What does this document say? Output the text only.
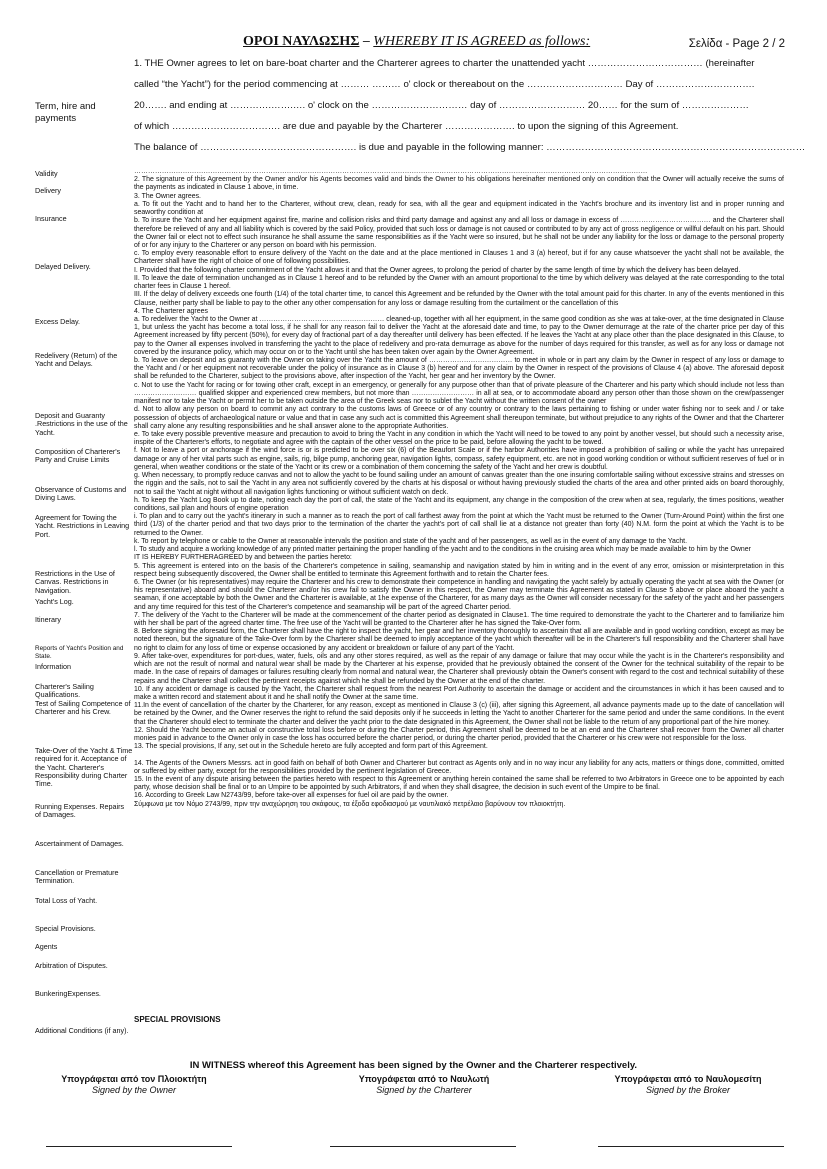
ΟΡΟΙ ΝΑΥΛΩΣΗΣ – WHEREBY IT IS AGREED as follows:	Σελίδα - Page 2 / 2
1. THE Owner agrees to let on bare-boat charter and the Charterer agrees to charter the unattended yacht ……………………………… (hereinafter
called “the Yacht”) for the period commencing at ……… ……… o' clock or thereabout on the ………………………… Day of ………………………….
20……. and ending at ………….…….…. o' clock on the ………………………… day of ……………………… 20…… for the sum of …………………
of which ……………………………. are due and payable by the Charterer …………………. to upon the signing of this Agreement.
The balance of …………………………………………. is due and payable in the following manner: ………………………………………………………………………
Term, hire and payments
Validity
Delivery
Insurance
Delayed Delivery.
Excess Delay.
Redelivery (Return) of the Yacht and Delays.
Deposit and Guaranty .Restrictions in the use of the Yacht.
Composition of Charterer's Party and Cruise Limits
Observance of Customs and Diving Laws.
Agreement for Towing the Yacht. Restrictions in Leaving Port.
Restrictions in the Use of Canvas. Restrictions in Navigation.
Yacht's Log.
Itinerary
Reports of Yacht's Position and State.
Information
Charterer's Sailing Qualifications.
Test of Sailing Competence of Charterer and his Crew.
Take-Over of the Yacht & Time required for it. Acceptance of the Yacht. Charterer's Responsibility during Charter Time.
Running Expenses. Repairs of Damages.
Ascertainment of Damages.
Cancellation or Premature Termination.
Total Loss of Yacht.
Special Provisions.
Agents
Arbitration of Disputes.
BunkeringExpenses.
Additional Conditions (if any).

……………………………………………………………………………………………………………………………………………………………………………………………………

2. The signature of this Agreement by the Owner and/or his Agents becomes valid and binds the Owner to his obligations hereinafter mentioned only on condition that the Owner will actually receive the sums of the payments as indicated in Clause 1 above, in time.

3. The Owner agrees.

a. To fit out the Yacht and to hand her to the Charterer, without crew, clean, ready for sea, with all the gear and equipment indicated in the Yacht's brochure and its inventory list and in proper running and seaworthy condition at

b. To insure the Yacht and her equipment against fire, marine and collision risks and third party damage and against any and all loss or damage in excess of ………………………………… and the Charterer shall therefore be relieved of any and all liability which is covered by the said Policy, provided that such loss or damage is not caused or contributed to by any act of gross negligence or willful default on his part. Should the Owner fail or elect not to effect such insurance he shall assume the same responsibilities as if the Yacht were so insured, but he shall not be under any liability for the loss or damage to the personal property of or for any injury to the Charterer or any person on board with his permission.

c. To employ every reasonable effort to ensure delivery of the Yacht on the date and at the place mentioned in Clauses 1 and 3 (a) hereof, but if for any cause whatsoever the yacht shall not be available, the Charterer shall have the right of choice of one of following possibilities.

I. Provided that the following charter commitment of the Yacht allows it and that the Owner agrees, to prolong the period of charter by the same length of time by which the delivery has been delayed.

II. To leave the date of termination unchanged as in Clause 1 hereof and to be refunded by the Owner with an amount proportional to the time by which delivery was delayed at the rate corresponding to the total charter fees in Clause 1 hereof.

III. If the delay of delivery exceeds one fourth (1/4) of the total charter time, to cancel this Agreement and be refunded by the Owner with the total amount paid for this charter. In any of the events mentioned in this Clause, neither party shall be liable to pay to the other any other compensation for any loss or damage resulting from the curtailment or the cancellation of this

4. The Charterer agrees

a. To redeliver the Yacht to the Owner at ……………………………………………… cleaned-up, together with all her equipment, in the same good condition as she was at take-over, at the time designated in Clause 1, but unless the yacht has become a total loss, if he shall for any reason fail to deliver the Yacht at the aforesaid date and time, to pay to the Owner demurrage at the rate of the charter price per day of this Agreement increased by fifty percent (50%), for every day of fractional part of a day thereafter until delivery has been effected. If he leaves the Yacht at any place other than the place designated in this Clause, to pay to the Owner all expenses involved in transferring the yacht to the place of redelivery and pro-rata demurrage as above for the number of days required for this transfer, as well as for any loss or damage not covered by the insurance policy, which may occur on or to the Yacht until she has been taken over again by the Owner Agreement.

b. To leave on deposit and as guaranty with the Owner on taking over the Yacht the amount of ……………………………… to meet in whole or in part any claim by the Owner in respect of any loss or damage to the Yacht and / or her equipment not recoverable under the policy of insurance as in Clause 3 (b) hereof and for any claim by the Owner in respect of the provisions of Clause 4 (a) above. The aforesaid deposit shall be refunded to the Charterer, subject to the provisions above, after inspection of the Yacht, her gear and her inventory by the Owner.

c. Not to use the Yacht for racing or for towing other craft, except in an emergency, or generally for any purpose other than that of private pleasure of the Charterer and his party which should include not less than ……………………… qualified skipper and experienced crew members, but not more than ……………………… in all at sea, or to accommodate aboard any person other than those shown on the crew/passenger manifest nor to take the Yacht or permit her to be taken outside the area of the Greek seas nor to sublet the Yacht without the written consent of the owner

d. Not to allow any person on board to commit any act contrary to the customs laws of Greece or of any country or contrary to the laws pertaining to fishing or under water fishing nor to seek and / or take possession of objects of archaeological nature or value and that in case any such act is committed this Agreement shall thereupon terminate, but without prejudice to any rights of the Owner and that the Charterer shall carry alone any resulting responsibilities and he shall answer alone to the appropriate Authorities.

e. To take every possible preventive measure and precaution to avoid to bring the Yacht in any condition in which the Yacht will need to be towed to any point by another vessel, but should such a necessity arise, inspite of the Charterer's efforts, to negotiate and agree with the captain of the other vessel on the price to be paid, before allowing the yacht to be towed.

f. Not to leave a port or anchorage if the wind force is or is predicted to be over six (6) of the Beaufort Scale or if the harbor Authorities have imposed a prohibition of sailing or while the yacht has unrepaired damage or any of her vital parts such as engine, sails, rig, bilge pump, anchoring gear, navigation lights, compass, safety equipment, etc. are not in good working condition or without sufficient reserves of fuel or in general, when weather conditions or the state of the Yacht or its crew or a combination of them concerning the safety of the Yacht and her crew is doubtful.

g. When necessary, to promptly reduce canvas and not to allow the yacht to be found sailing under an amount of canvas greater than the one insuring comfortable sailing without excessive strains and stresses on the riggin and the sails, not to sail the Yacht in any area not sufficiently covered by the charts at his disposal or without having previously studied the charts of the area and other printed aids on board thoroughly, not to sail the Yacht at night without all navigation lights functioning or without sufficient watch on deck.

h. To keep the Yacht Log Book up to date, noting each day the port of call, the state of the Yacht and its equipment, any change in the composition of the crew when at sea, regularly, the times positions, weather conditions, sail plan and hours of engine operation

i. To plan and to carry out the yacht's itinerary in such a manner as to reach the port of call farthest away from the point at which the Yacht must be returned to the Owner (Turn-Around Point) within the first one third (1/3) of the charter period and that two days prior to the termination of the charter the yacht's port of call shall lie at a distance not greater than forty (40) N.M. form the point at which the Yacht is to be returned to the Owner.

k. To report by telephone or cable to the Owner at reasonable intervals the position and state of the yacht and of her passengers, as well as in the event of any damage to the Yacht.

l. To study and acquire a working knowledge of any printed matter pertaining the proper handling of the yacht and to the conditions in the cruising area which may be made available to him by the Owner

IT IS HEREBY FURTHERAGREED by and between the parties hereto:

5. This agreement is entered into on the basis of the Charterer's competence in sailing, seamanship and navigation stated by him in writing and in the event of any error, omission or misinterpretation in this respect being subsequently discovered, the Owner shall be entitled to terminate this Agreement forthwith and to retain the Charter fees.

6. The Owner (or his representatives) may require the Charterer and his crew to demonstrate their competence in handling and navigating the yacht safely by actually operating the yacht at sea with the Owner (or his representative) aboard and should the Charterer and/or his crew fail to satisfy the Owner in this respect, the Owner may terminate this Agreement as stated in Clause 5 above or place aboard the yacht a seaman, if one acceptable by both the Owner and the Charterer is available, at 1he expense of the Charterer, for as many days as the Owner will consider necessary for the safety of the yacht and her passengers and any time required for this test of the Charterer's competence and seamanship will be part of the agreed Charter period.

7. The delivery of the Yacht to the Charterer will be made at the commencement of the charter period as designated in Clause1. The time required to demonstrate the yacht to the Charterer and to familiarize him with her shall be part of the agreed charter time. The free use of the Yacht will be granted to the Charterer after he has signed the Take-Over form.

8. Before signing the aforesaid form, the Charterer shall have the right to inspect the yacht, her gear and her inventory thoroughly to ascertain that all are available and in good working condition, except as may be noted thereon, but the signature of the Take-Over form by the Charterer shall be deemed to imply acceptance of the yacht which thereafter will be in the Charterer's full responsibility and the Charterer shall have no right to claim for any loss of time or expense occasioned by any accident or breakdown or failure of any part of the Yacht.

9. After take-over, expenditures for port-dues, water, fuels, oils and any other stores required, as well as the repair of any damage or failure that may occur while the yacht is in the Charterer's responsibility and which are not the result of normal and natural wear shall be made by the Charterer at his expense, provided that he previously obtained the consent of the Owner for the technical suitability of the repair to be made. In the case of repairs of damages or failures resulting clearly from normal and natural wear, the Charterer shall previously obtain the Owner's consent with regard to the cost and technical suitability of these repairs and the Charterer shall collect the pertinent receipts against which he shall be refunded by the Owner at the end of the charter.

10. If any accident or damage is caused by the Yacht, the Charterer shall request from the nearest Port Authority to ascertain the damage or accident and the circumstances in which it has been caused and to make a written record and statement about it and he shall notify the Owner at the same time.

11.In the event of cancellation of the charter by the Charterer, for any reason, except as mentioned in Clause 3 (c) (iii), after signing this Agreement, all advance payments made up to the date of cancellation will be retained by the Owner, and the Owner reserves the right to refund the said deposits only if he succeeds in letting the Yacht to another Charterer for the same period and under the same conditions. In the event that the Charterer should elect to terminate the charter and deliver the yacht prior to the date designated in this Agreement, the Owner shall not be liable to the return of any proportional part of the hire money.

12. Should the Yacht become an actual or constructive total loss before or during the Charter period, this Agreement shall be deemed to be at an end and the Charterer shall recover from the Owner all charter monies paid in advance to the Owner only in case the loss has occurred before the charter period, or during the charter period, provided that the Charterer or his crew were not responsible for the loss.

13. The special provisions, If any, set out in the Schedule hereto are fully accepted and form part of this Agreement.

14. The Agents of the Owners Messrs. act in good faith on behalf of both Owner and Charterer but contract as Agents only and in no way incur any liability for any acts, matters or things done, committed, omitted or suffered by either party, except for the responsibilities provided by the pertinent legislation of Greece.

15. In the event of any dispute arising between the parties hereto with respect to this Agreement or anything herein contained the same shall be referred to two Arbitrators in Greece one to be appointed by each party, whose decision shall be final or to an Umpire to be appointed by such Arbitrators, if and when they shall disagree, the decision in such event of the Umpire to be final.

16. According to Greek Law N2743/99, before take-over all expenses for fuel oil are paid by the owner.

Σύμφωνα με τον Νόμο 2743/99, πριν την αναχώρηση του σκάφους, τα έξοδα εφοδιασμού με ναυτιλιακό πετρέλαιο βαρύνουν τον πλοιοκτήτη.

SPECIAL PROVISIONS
IN WITNESS whereof this Agreement has been signed by the Owner and the Charterer respectively.
Υπογράφεται από τον Πλοιοκτήτη
Signed by the Owner
Υπογράφεται από το Ναυλωτή
Signed by the Charterer
Υπογράφεται από το Ναυλομεσίτη
Signed by the Broker
